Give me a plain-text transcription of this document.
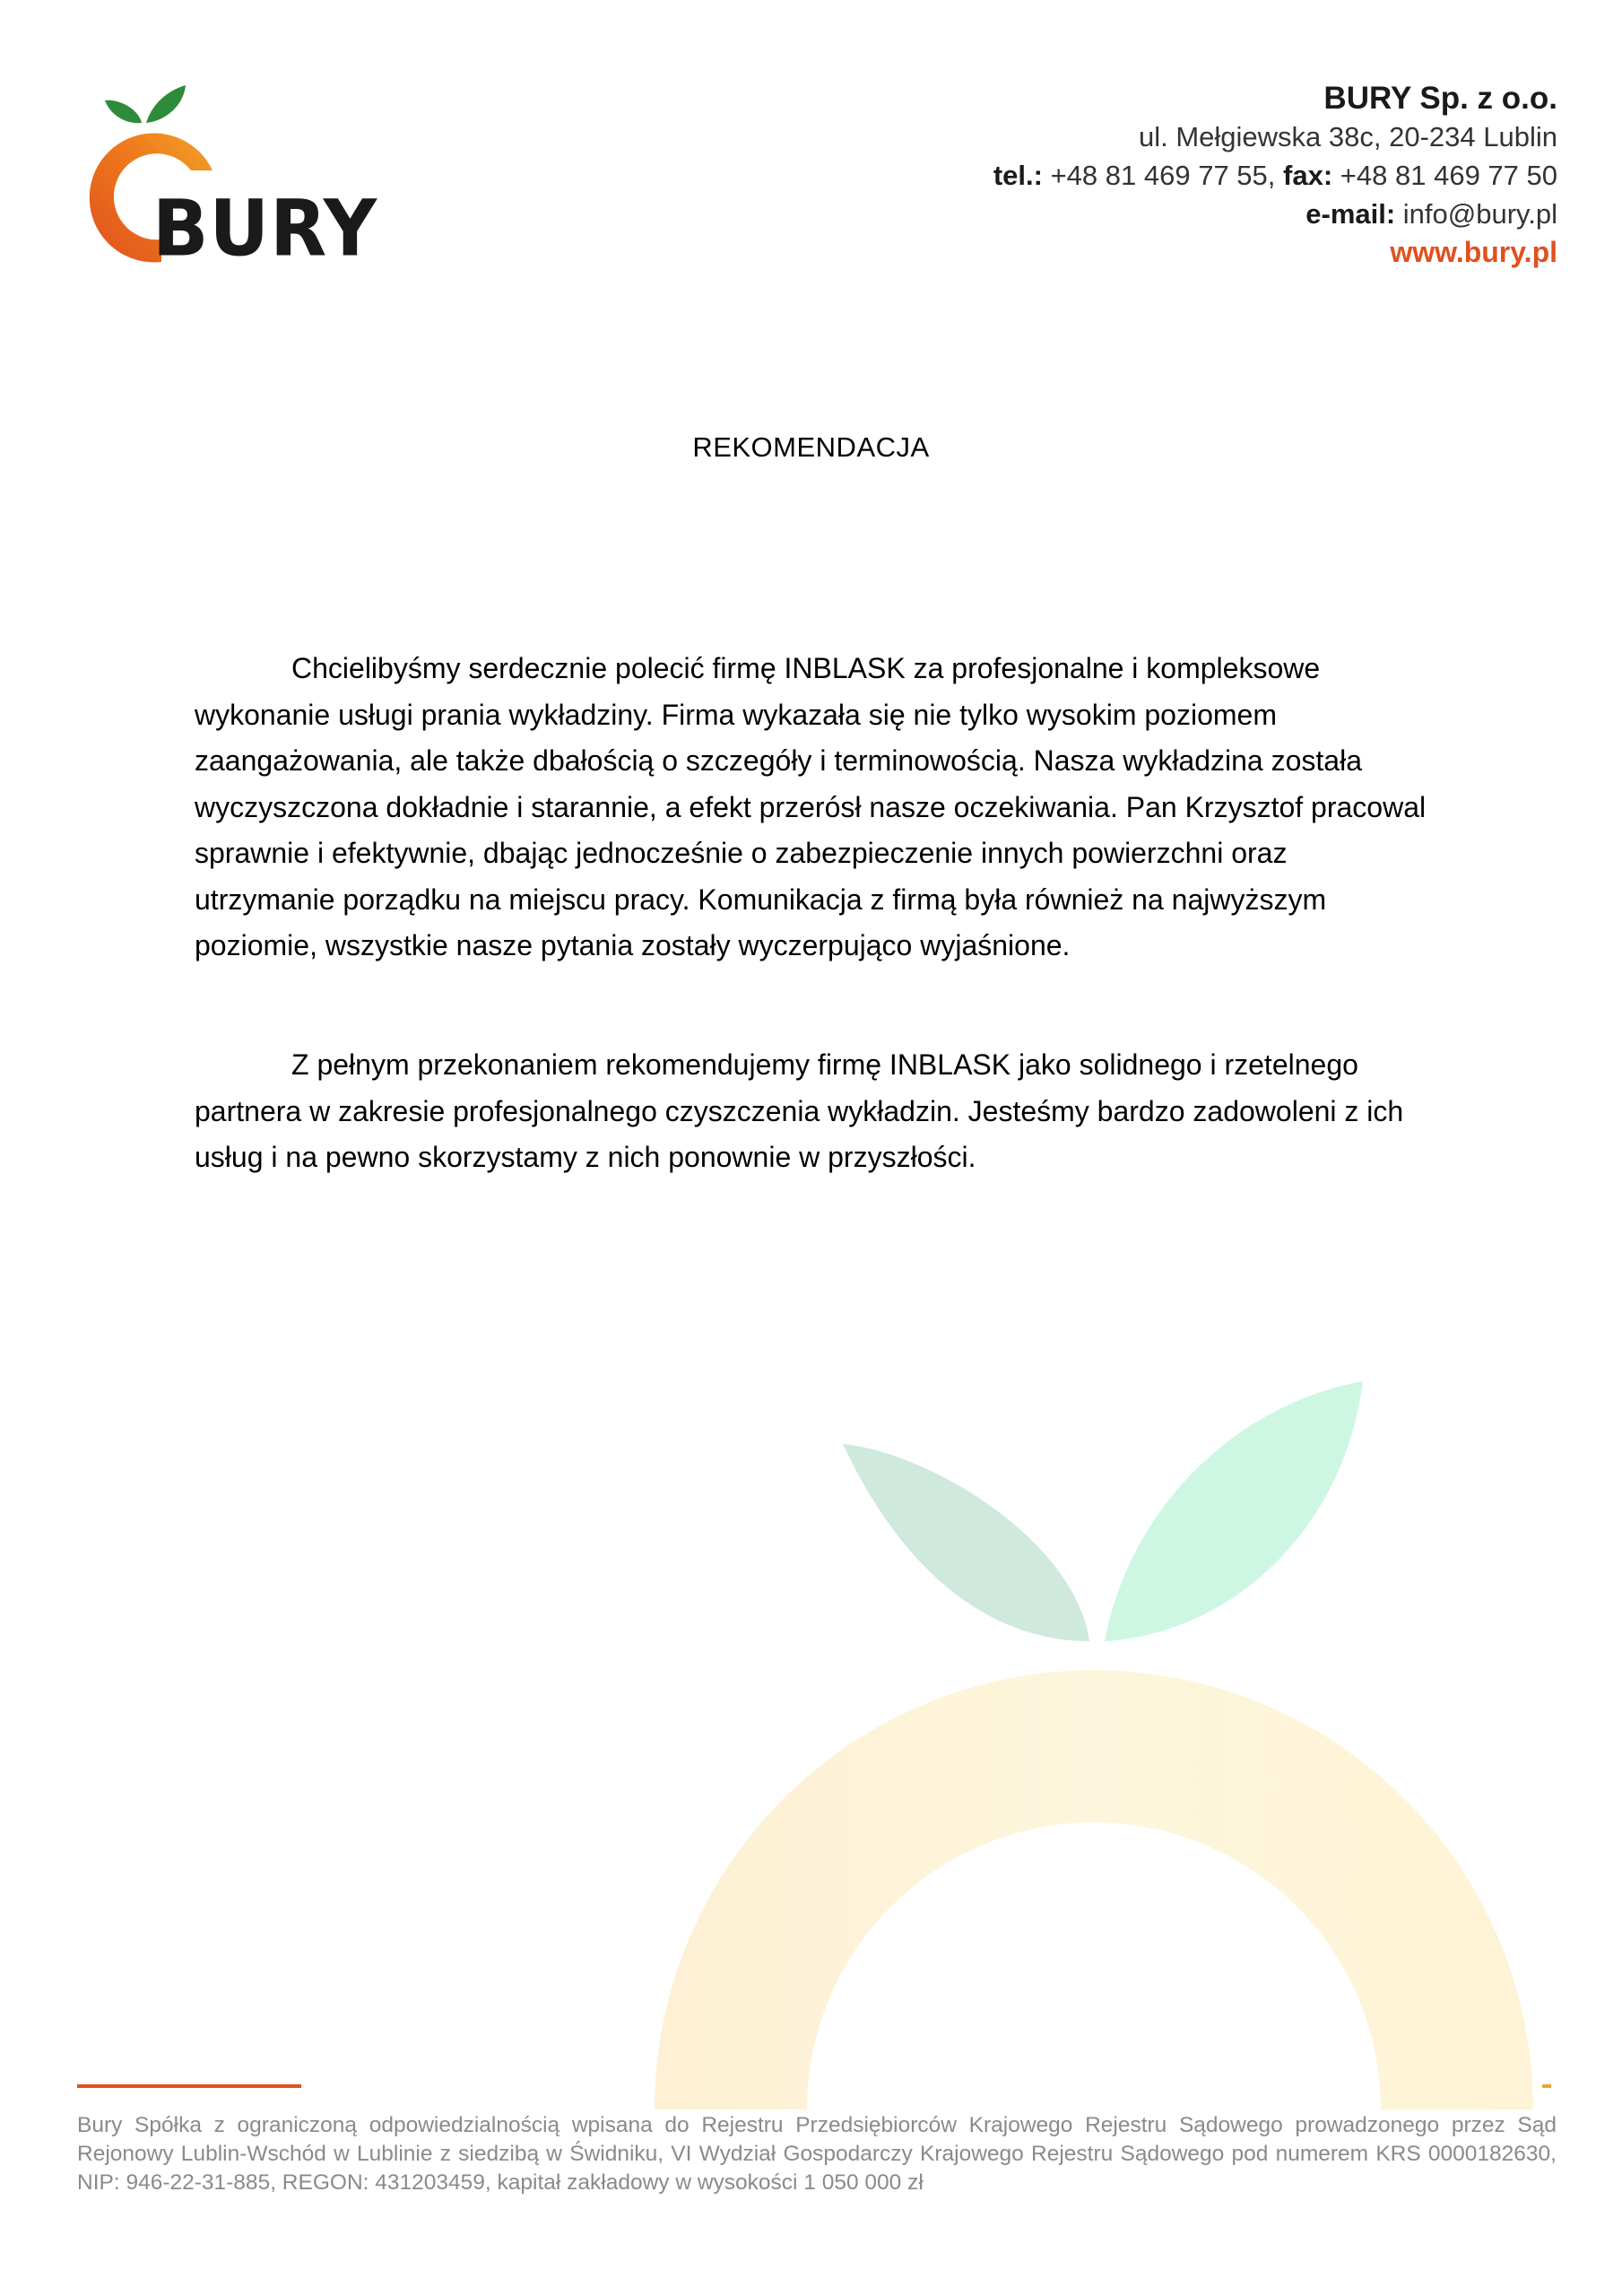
BURY
BURY Sp. z o.o.
ul. Mełgiewska 38c, 20-234 Lublin
tel.: +48 81 469 77 55, fax: +48 81 469 77 50
e-mail: info@bury.pl
www.bury.pl
REKOMENDACJA

Chcielibyśmy serdecznie polecić firmę INBLASK za profesjonalne i kompleksowe wykonanie usługi prania wykładziny. Firma wykazała się nie tylko wysokim poziomem zaangażowania, ale także dbałością o szczegóły i terminowością. Nasza wykładzina została wyczyszczona dokładnie i starannie, a efekt przerósł nasze oczekiwania. Pan Krzysztof pracowal sprawnie i efektywnie, dbając jednocześnie o zabezpieczenie innych powierzchni oraz utrzymanie porządku na miejscu pracy. Komunikacja z firmą była również na najwyższym poziomie, wszystkie nasze pytania zostały wyczerpująco wyjaśnione.

Z pełnym przekonaniem rekomendujemy firmę INBLASK jako solidnego i rzetelnego partnera w zakresie profesjonalnego czyszczenia wykładzin. Jesteśmy bardzo zadowoleni z ich usług i na pewno skorzystamy z nich ponownie w przyszłości.

Bury Spółka z ograniczoną odpowiedzialnością wpisana do Rejestru Przedsiębiorców Krajowego Rejestru Sądowego prowadzonego przez Sąd Rejonowy Lublin-Wschód w Lublinie z siedzibą w Świdniku, VI Wydział Gospodarczy Krajowego Rejestru Sądowego pod numerem KRS 0000182630, NIP: 946-22-31-885, REGON: 431203459, kapitał zakładowy w wysokości 1 050 000 zł
